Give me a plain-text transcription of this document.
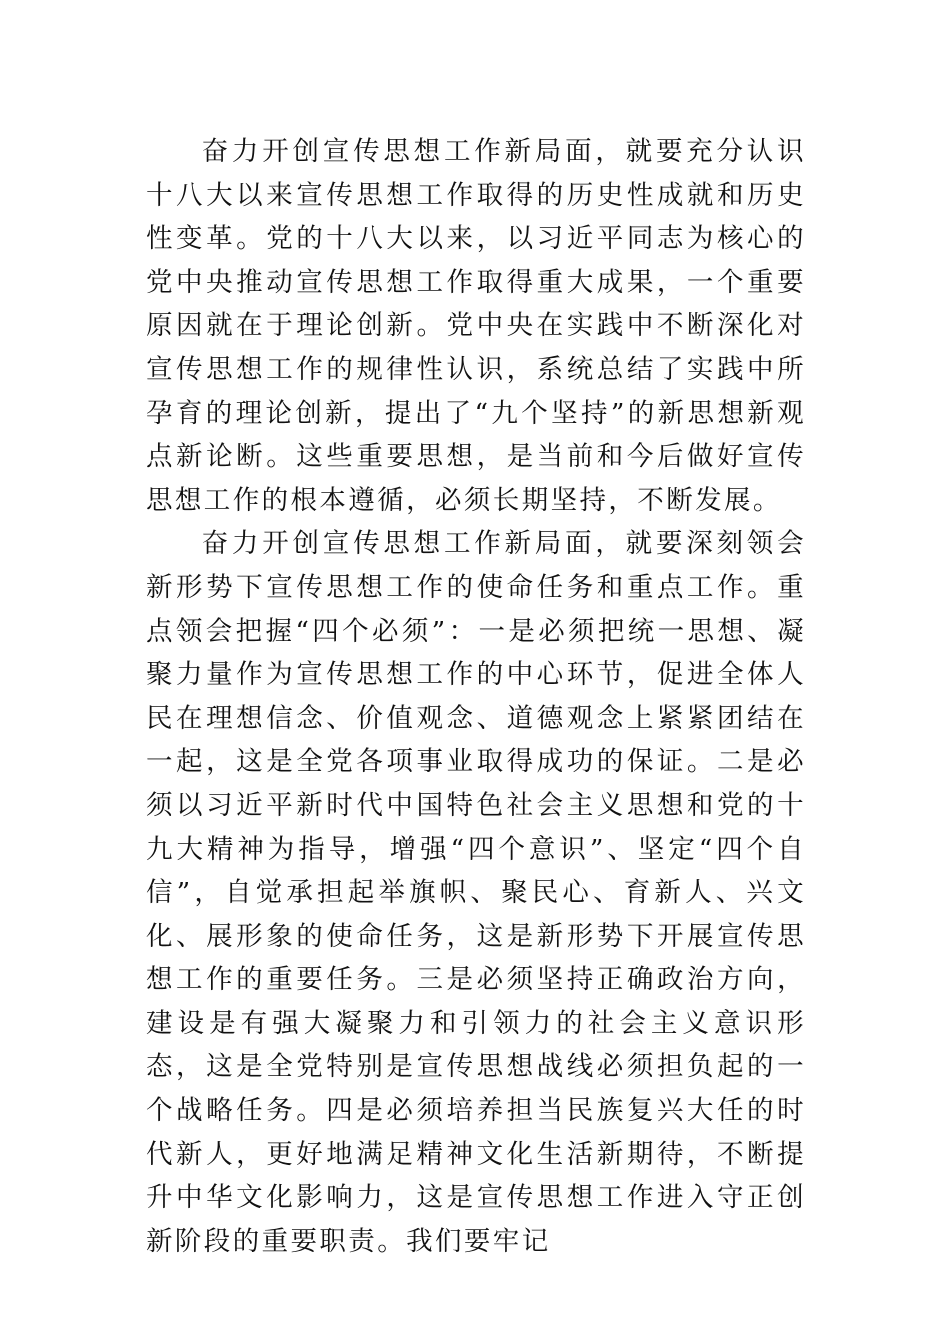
奋力开创宣传思想工作新局面，就要充分认识十八大以来宣传思想工作取得的历史性成就和历史性变革。党的十八大以来，以习近平同志为核心的党中央推动宣传思想工作取得重大成果，一个重要原因就在于理论创新。党中央在实践中不断深化对宣传思想工作的规律性认识，系统总结了实践中所孕育的理论创新，提出了“九个坚持”的新思想新观点新论断。这些重要思想，是当前和今后做好宣传思想工作的根本遵循，必须长期坚持，不断发展。

奋力开创宣传思想工作新局面，就要深刻领会新形势下宣传思想工作的使命任务和重点工作。重点领会把握“四个必须”：一是必须把统一思想、凝聚力量作为宣传思想工作的中心环节，促进全体人民在理想信念、价值观念、道德观念上紧紧团结在一起，这是全党各项事业取得成功的保证。二是必须以习近平新时代中国特色社会主义思想和党的十九大精神为指导，增强“四个意识”、坚定“四个自信”，自觉承担起举旗帜、聚民心、育新人、兴文化、展形象的使命任务，这是新形势下开展宣传思想工作的重要任务。三是必须坚持正确政治方向，建设是有强大凝聚力和引领力的社会主义意识形态，这是全党特别是宣传思想战线必须担负起的一个战略任务。四是必须培养担当民族复兴大任的时代新人，更好地满足精神文化生活新期待，不断提升中华文化影响力，这是宣传思想工作进入守正创新阶段的重要职责。我们要牢记
